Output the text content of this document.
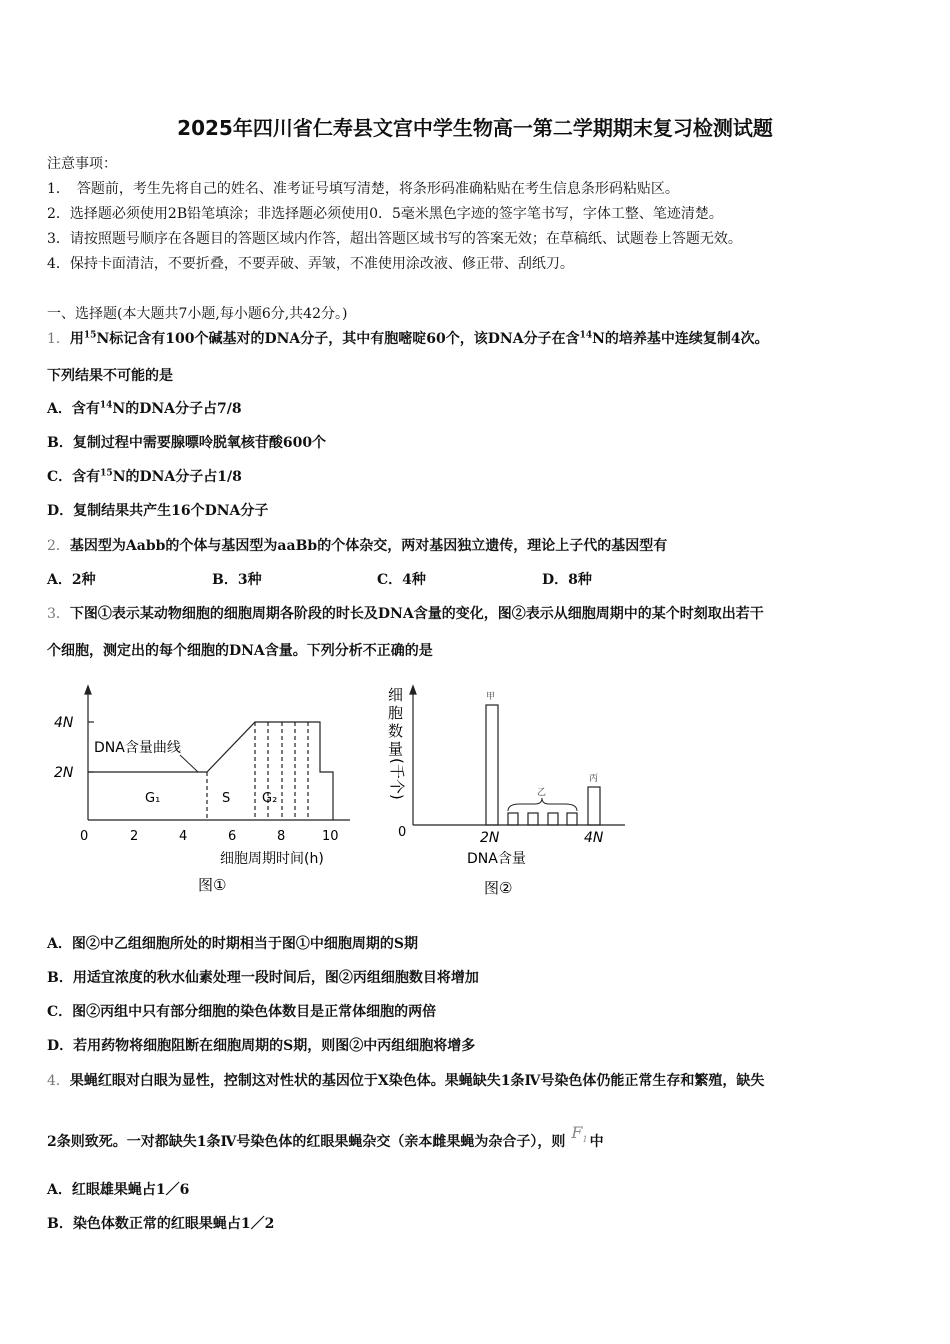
2025年四川省仁寿县文宫中学生物高一第二学期期末复习检测试题
注意事项：
1．　答题前，考生先将自己的姓名、准考证号填写清楚，将条形码准确粘贴在考生信息条形码粘贴区。
2．选择题必须使用2B铅笔填涂；非选择题必须使用0．5毫米黑色字迹的签字笔书写，字体工整、笔迹清楚。
3．请按照题号顺序在各题目的答题区域内作答，超出答题区域书写的答案无效；在草稿纸、试题卷上答题无效。
4．保持卡面清洁，不要折叠，不要弄破、弄皱，不准使用涂改液、修正带、刮纸刀。
一、选择题(本大题共7小题,每小题6分,共42分。)
1．用$^{15}$N标记含有100个碱基对的DNA分子，其中有胞嘧啶60个，该DNA分子在含$^{14}$N的培养基中连续复制4次。
下列结果不可能的是
A．含有$^{14}$N的DNA分子占7/8
B．复制过程中需要腺嘌呤脱氧核苷酸600个
C．含有$^{15}$N的DNA分子占1/8
D．复制结果共产生16个DNA分子
2．基因型为Aabb的个体与基因型为aaBb的个体杂交，两对基因独立遗传，理论上子代的基因型有
A．2种	B．3种	C．4种	D．8种
3．下图①表示某动物细胞的细胞周期各阶段的时长及DNA含量的变化，图②表示从细胞周期中的某个时刻取出若干
个细胞，测定出的每个细胞的DNA含量。下列分析不正确的是
4N
2N
DNA含量曲线
G₁	S G₂
0	2	4	6	8	10
细胞周期时间(h)
图①
细 胞 数 量
(千个)
0	2N	4N
甲
乙
丙
DNA含量
图②
A．图②中乙组细胞所处的时期相当于图①中细胞周期的S期
B．用适宜浓度的秋水仙素处理一段时间后，图②丙组细胞数目将增加
C．图②丙组中只有部分细胞的染色体数目是正常体细胞的两倍
D．若用药物将细胞阻断在细胞周期的S期，则图②中丙组细胞将增多
4．果蝇红眼对白眼为显性，控制这对性状的基因位于X染色体。果蝇缺失1条Ⅳ号染色体仍能正常生存和繁殖，缺失
2条则致死。一对都缺失1条Ⅳ号染色体的红眼果蝇杂交（亲本雌果蝇为杂合子），则 $F_1$ 中
A．红眼雄果蝇占1／6
B．染色体数正常的红眼果蝇占1／2
